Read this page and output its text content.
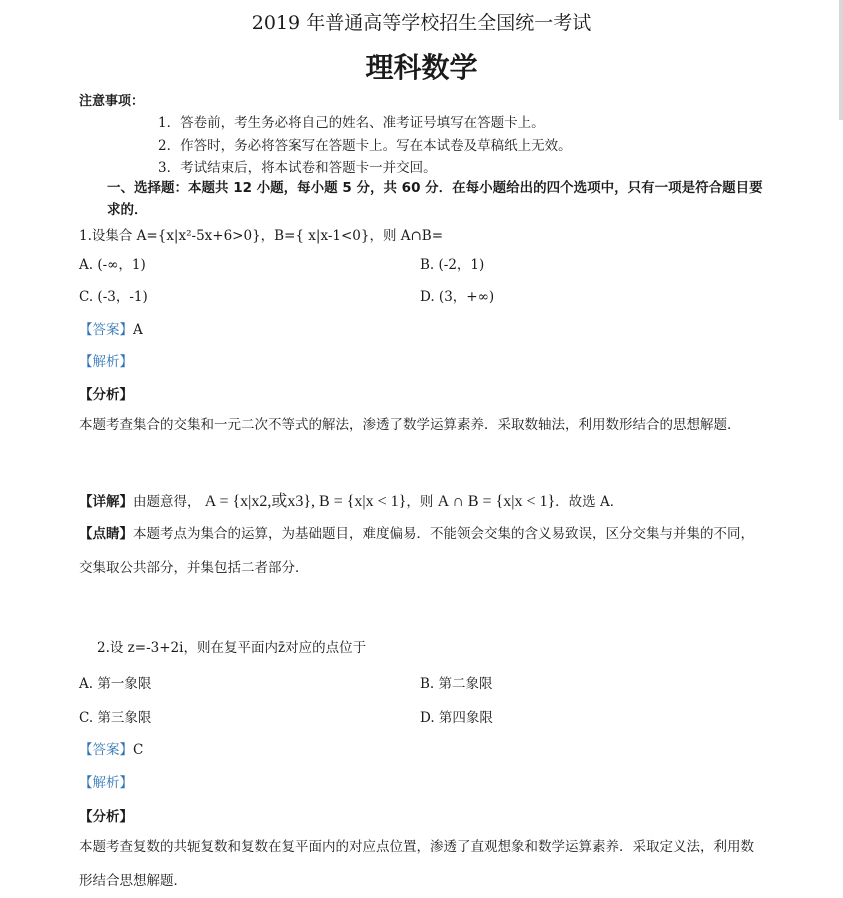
2019 年普通高等学校招生全国统一考试
理科数学
注意事项：
1．答卷前，考生务必将自己的姓名、准考证号填写在答题卡上。
2．作答时，务必将答案写在答题卡上。写在本试卷及草稿纸上无效。
3．考试结束后，将本试卷和答题卡一并交回。
一、选择题：本题共 12 小题，每小题 5 分，共 60 分．在每小题给出的四个选项中，只有一项是符合题目要求的．
1.设集合 A={x|x²-5x+6>0}，B={ x|x-1<0}，则 A∩B=
A. (-∞，1)	B. (-2，1)
C. (-3，-1)	D. (3，+∞)
【答案】A
【解析】
【分析】
本题考查集合的交集和一元二次不等式的解法，渗透了数学运算素养．采取数轴法，利用数形结合的思想解题．
【详解】由题意得， A = {x|x2,或x3}, B = {x|x < 1}，则 A ∩ B = {x|x < 1}．故选 A．
【点睛】本题考点为集合的运算，为基础题目，难度偏易．不能领会交集的含义易致误，区分交集与并集的不同，交集取公共部分，并集包括二者部分．
2.设 z=-3+2i，则在复平面内z̄对应的点位于
A. 第一象限	B. 第二象限
C. 第三象限	D. 第四象限
【答案】C
【解析】
【分析】
本题考查复数的共轭复数和复数在复平面内的对应点位置，渗透了直观想象和数学运算素养．采取定义法，利用数形结合思想解题．
